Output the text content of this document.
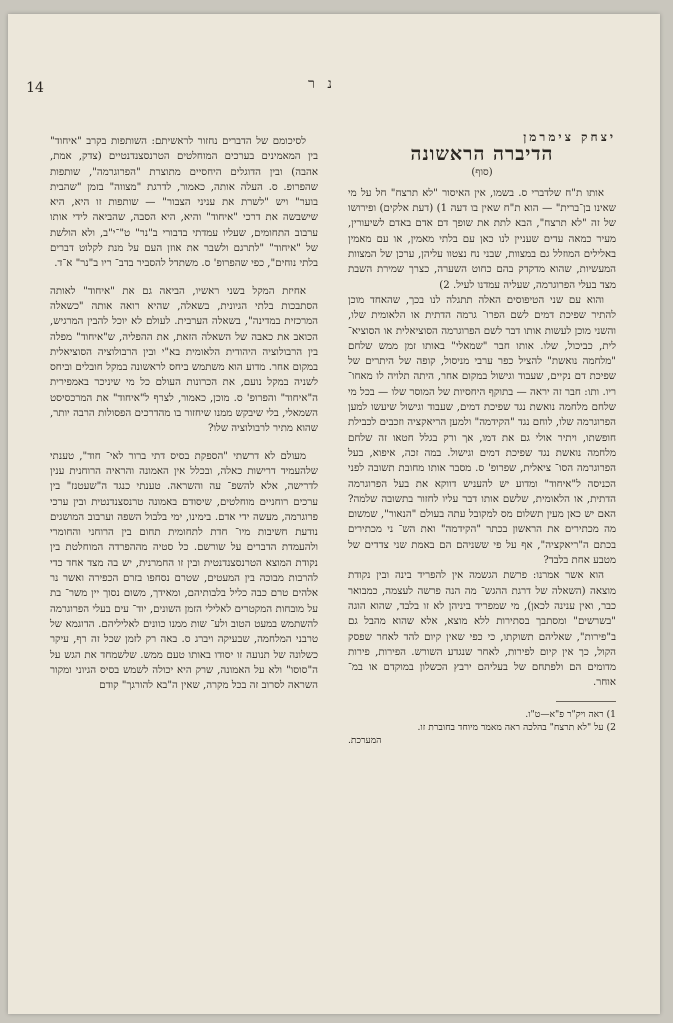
14	נ ר
יצחק צימרמן
הדיברה הראשונה
(סוף)

אותו ת"ח שלדברי ס. בשמו, אין האיסור "לא תרצח" חל על מי שאינו בן־ברית" — הוא ת"ח שאין בו דעה 1) (דעת אלקים) ופירושו של זה "לא תרצח", הבא לתת את שופך דם אדם באדם לשיעורין, מעיר כמאה עדים שעניין לנו כאן עם בלתי מאמין, או עם מאמין באלילים המוזלל גם במצוות, שבני נח נצטוו עליהן, ערכן של המצוות המעשיות, שהוא מדקדק בהם כחוט השערה, כצרך שמירת השבת מצד בעלי הפרוגרמה, שעליה עמדנו לעיל. 2)

והוא עם שני הטיפוסים האלה תתגלה לנו בכך, שהאחד מוכן להתיר שפיכת דמים לשם הפרו־ גרמה הדתית או הלאומית שלו, והשני מוכן לעשות אותו דבר לשם הפרוגרמה הסוציאלית או הסוציא־ לית, כביכול, שלו. אותו חבר "שמאלי" באותו זמן ממש שלחם "מלחמה נואשת" להציל כפר ערבי מניסול, קופה של היתרים של שפיכת דם נקיים, שעבוד וגישול במקום אחר, היתה תלויה לו מאחו־ ריו. ותו: חבר זה יראה — בתוקף היחסיות של המוסר שלו — בכל מי שלחם מלחמה נואשת נגד שפיכת דמים, שעבוד וגישול שיעשו למען הפרוגרמה שלו, לוחם נגד "הקידמה" ולמען הריאקציה וזכבים לכבילת חופשתו, ויתיר אולי גם את דמו, אך ורק בגלל חטאו זה שלחם מלחמה נואשת נגד שפיכת דמים וגישול. במה זכה, איפוא, בעל הפרוגרמה הסו־ ציאלית, שפרופ' ס. מסבר אותו מחובת תשובה לפני הכניסה ל"איחוד" ומדוע יש להעניש דווקא את בעל הפרוגרמה הדתית, או הלאומית, שלשם אותו דבר עליו לחזור בתשובה שלמה? האם יש כאן מעין תשלום מס למקובל עתה בעולם "הנאור", שמשום מה מכתירים את הראשון בכתר "הקידמה" ואת הש־ ני מכתירים בכתם ה"ריאקציה", אף על פי ששניהם הם באמת שני צדדים של מטבע אחת בלבד?

הוא אשר אמרנו: פרשת הגשמה אין להפריד בינה ובין נקודת מוצאה (השאלה של דרגת ההגש־ מה הנה פרשה לעצמה, כמבואר כבר, ואין ענינה לכאן), מי שמפריד ביניהן לא זו בלבד, שהוא הוגה "בשרשים" ומסתבך בסתירות ללא מוצא, אלא שהוא מהבל גם ב"פירות", שאליהם תשוקתו, כי כפי שאין קיום להד לאחר שפסק הקול, כך אין קיום לפירות, לאחר שנגדע השורש. הפירות, פירות מדומים הם ולפתחם של בעליהם ירבץ הכשלון במוקדם או במ־ אוחר.

1) ראה ויק"ר פ"א—ט"ו.
2) על "לא תרצח" בהלכה ראה מאמר מיוחד בחוברת זו.
המערכת.

לסיכומם של הדברים נחזור לראשיתם: השותפות בקרב "איחוד" בין המאמינים בערכים המוחלטים הטרנסצנדנטיים (צדק, אמת, אהבה) ובין הדוגלים היחסיים מתוצרת "הפרוגרמה", שותפות שהפרופ. ס. העלה אותה, כאמור, לדרגת "מצווה" בזמן "שהבית בוער" ויש "לשרת את עניני הצבור" — שותפות זו היא, היא שישבשה את דרכי "איחוד" והיא, היא הסבה, שהביאה לידי אותו ערבוב התחומים, שעליו עמדתי בדבורי ב"נר" ט"־י"ב, ולא הולשת של "איחוד" "לתרגם ולשבר את אוזן העם על מנת לקלוט דברים בלתי נוחים", כפי שהפרופ' ס. משתדל להסביר בדב־ ריו ב"נר" א־ד.

אחיזת המקל בשני ראשיו, הביאה גם את "איחוד" לאותה הסתבכות בלתי הגיונית, בשאלה, שהיא רואה אותה "כשאלה המרכזית במדינה", בשאלה הערבית. לעולם לא יוכל להבין המרגיש, הכואב את כאבה של השאלה הזאת, את ההפליה, ש"איחוד" מפלה בין הרבולוציה היהודית הלאומית בא"י ובין הרבולוציה הסוציאלית במקום אחר. מדוע הוא משתמש ביחס לראשונה במקל חובלים וביחס לשניה במקל נועם, את הכרונות העולם כל מי שיניכר באמפירית ה"איחוד" והפרופ' ס. מוכן, כאמור, לצרף ל"איחוד" את המרכסיסט השמאלי, בלי שיבקש ממנו שיחזור בו מהדרכים הפסולות הרבה יותר, שהוא מתיר לרבולוציה שלו?

מעולם לא דרשתי "הספקת בסיס דתי ברור לאי־ חוד", טענתי שלהעמיד דרישות כאלה, ובכלל אין האמונה והראיה הרוחנית ענין לדרישה, אלא להשפ־ עה והשראה. טענתי כנגד ה"שעטנז" בין ערכים רוחניים מוחלטים, שיסודם באמונה טרנסצנדנטית ובין ערכי פרוגרמה, מעשה ידי אדם. בימינו, ימי בלבול השפה וערבוב המושגים נודעת חשיבות מיו־ חדת לתחומית תחום בין הרוחני והחומרי ולהעמדת הדברים על שורשם. כל סטיה מההפרדה המוחלטת בין נקודת המוצא הטרנסצנדנטית ובין זו החמרנית, יש בה מצד אחד כדי להרבות מבוכה בין המעטים, שטרם נסחפו בזרם הכפירה ואשר נר אלהים טרם כבה כליל בלבותיהם, ומאידך, משום נסוך יין משר־ בת על מובחות המקטרים לאלילי הזמן השונים, יוד־ עים בעלי הפרוגרמה להשתמש במעט הטוב ולע־ שות ממנו כוונים לאליליהם. הדוגמא של טרבני המלחמה, שבעיקה ויברג ס. באה רק לזמן שכל זה רף, עיקר כשלונה של תנועה זו יסודו באותו טעם ממש. שלשמחד את הגש על ה"סוסו" ולא על האמונה, שרק היא יכולה לשמש בסיס הגיוני ומקור השראה לסרוב זה בכל מקרה, שאין ה"בא להורגך" קודם
